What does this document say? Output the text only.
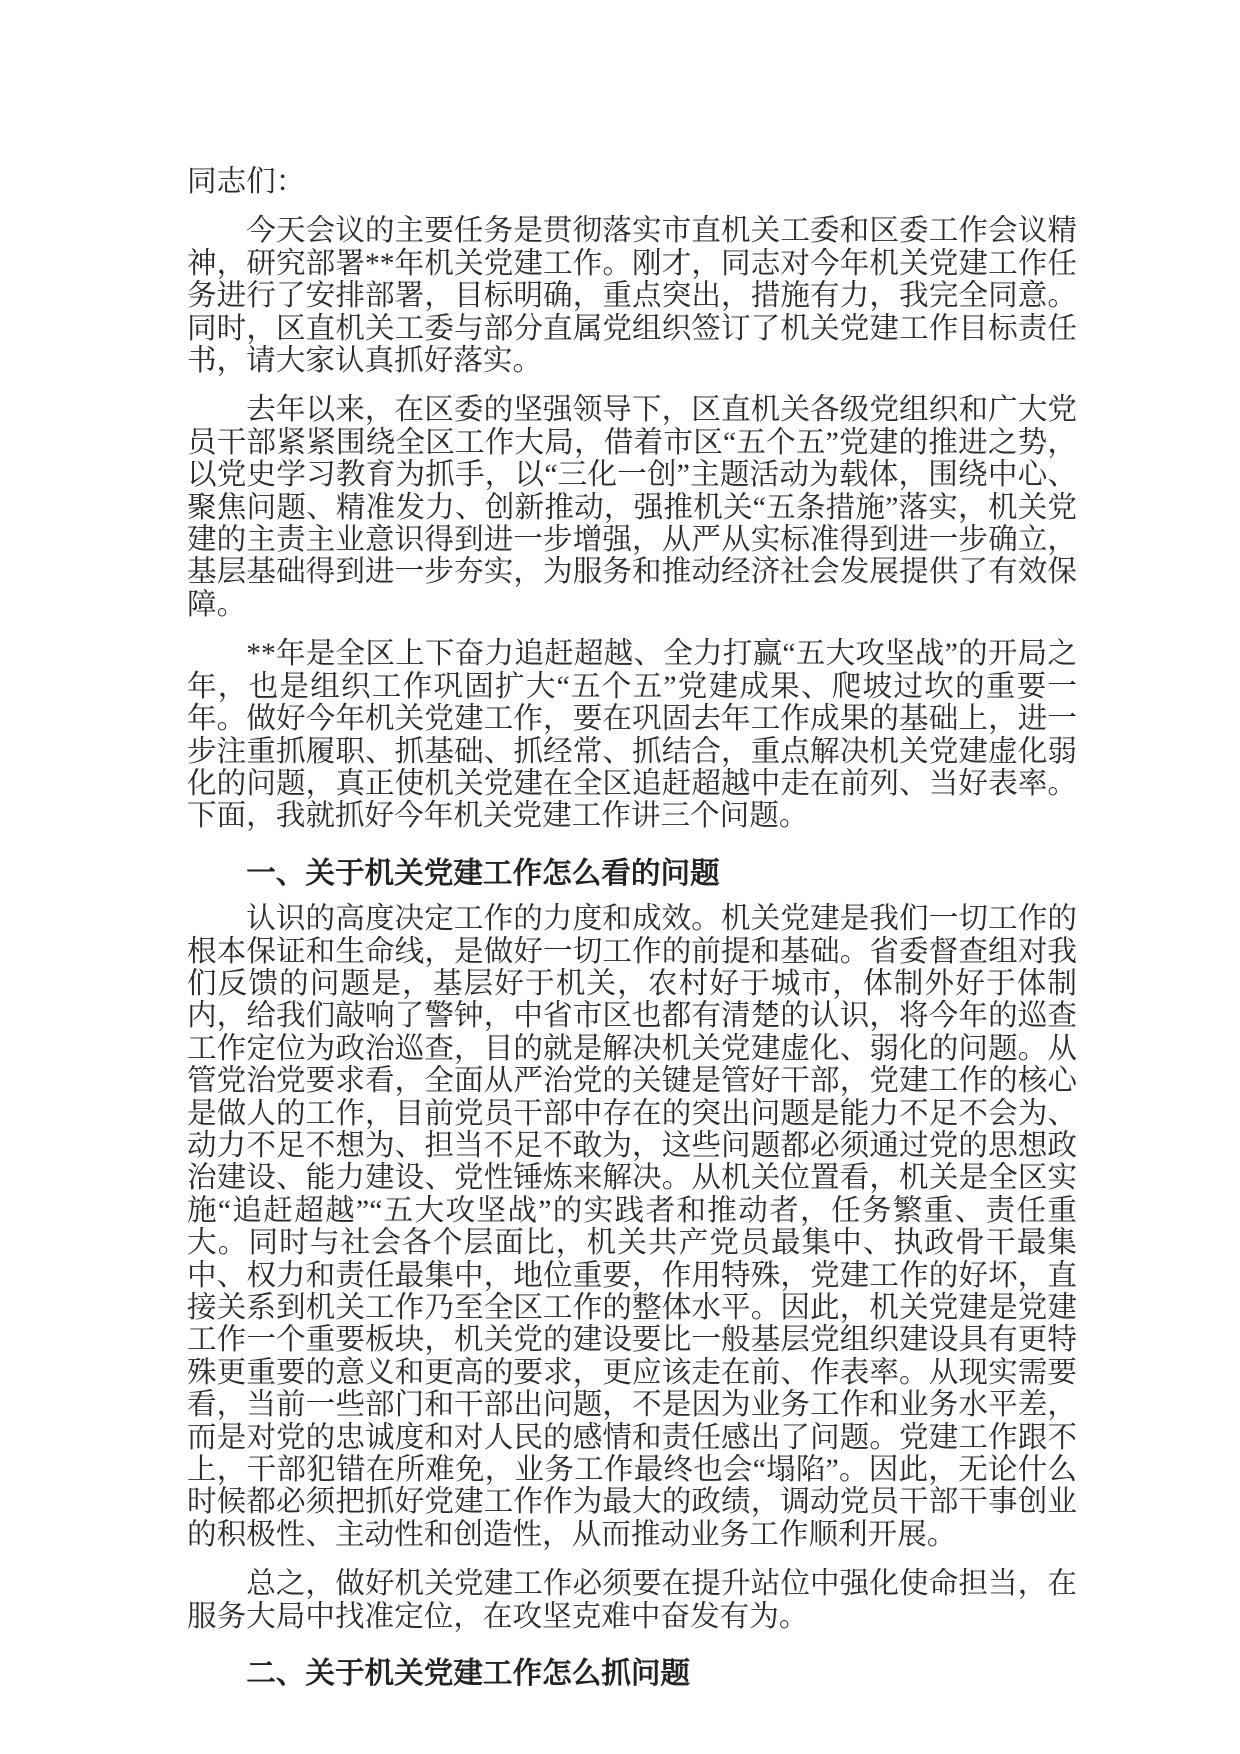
同志们：

今天会议的主要任务是贯彻落实市直机关工委和区委工作会议精神，研究部署**年机关党建工作。刚才，同志对今年机关党建工作任务进行了安排部署，目标明确，重点突出，措施有力，我完全同意。同时，区直机关工委与部分直属党组织签订了机关党建工作目标责任书，请大家认真抓好落实。

去年以来，在区委的坚强领导下，区直机关各级党组织和广大党员干部紧紧围绕全区工作大局，借着市区“五个五”党建的推进之势，以党史学习教育为抓手，以“三化一创”主题活动为载体，围绕中心、聚焦问题、精准发力、创新推动，强推机关“五条措施”落实，机关党建的主责主业意识得到进一步增强，从严从实标准得到进一步确立，基层基础得到进一步夯实，为服务和推动经济社会发展提供了有效保障。

**年是全区上下奋力追赶超越、全力打赢“五大攻坚战”的开局之年，也是组织工作巩固扩大“五个五”党建成果、爬坡过坎的重要一年。做好今年机关党建工作，要在巩固去年工作成果的基础上，进一步注重抓履职、抓基础、抓经常、抓结合，重点解决机关党建虚化弱化的问题，真正使机关党建在全区追赶超越中走在前列、当好表率。下面，我就抓好今年机关党建工作讲三个问题。

一、关于机关党建工作怎么看的问题

认识的高度决定工作的力度和成效。机关党建是我们一切工作的根本保证和生命线，是做好一切工作的前提和基础。省委督查组对我们反馈的问题是，基层好于机关，农村好于城市，体制外好于体制内，给我们敲响了警钟，中省市区也都有清楚的认识，将今年的巡查工作定位为政治巡查，目的就是解决机关党建虚化、弱化的问题。从管党治党要求看，全面从严治党的关键是管好干部，党建工作的核心是做人的工作，目前党员干部中存在的突出问题是能力不足不会为、动力不足不想为、担当不足不敢为，这些问题都必须通过党的思想政治建设、能力建设、党性锤炼来解决。从机关位置看，机关是全区实施“追赶超越”“五大攻坚战”的实践者和推动者，任务繁重、责任重大。同时与社会各个层面比，机关共产党员最集中、执政骨干最集中、权力和责任最集中，地位重要，作用特殊，党建工作的好坏，直接关系到机关工作乃至全区工作的整体水平。因此，机关党建是党建工作一个重要板块，机关党的建设要比一般基层党组织建设具有更特殊更重要的意义和更高的要求，更应该走在前、作表率。从现实需要看，当前一些部门和干部出问题，不是因为业务工作和业务水平差，而是对党的忠诚度和对人民的感情和责任感出了问题。党建工作跟不上，干部犯错在所难免，业务工作最终也会“塌陷”。因此，无论什么时候都必须把抓好党建工作作为最大的政绩，调动党员干部干事创业的积极性、主动性和创造性，从而推动业务工作顺利开展。

总之，做好机关党建工作必须要在提升站位中强化使命担当，在服务大局中找准定位，在攻坚克难中奋发有为。

二、关于机关党建工作怎么抓问题
